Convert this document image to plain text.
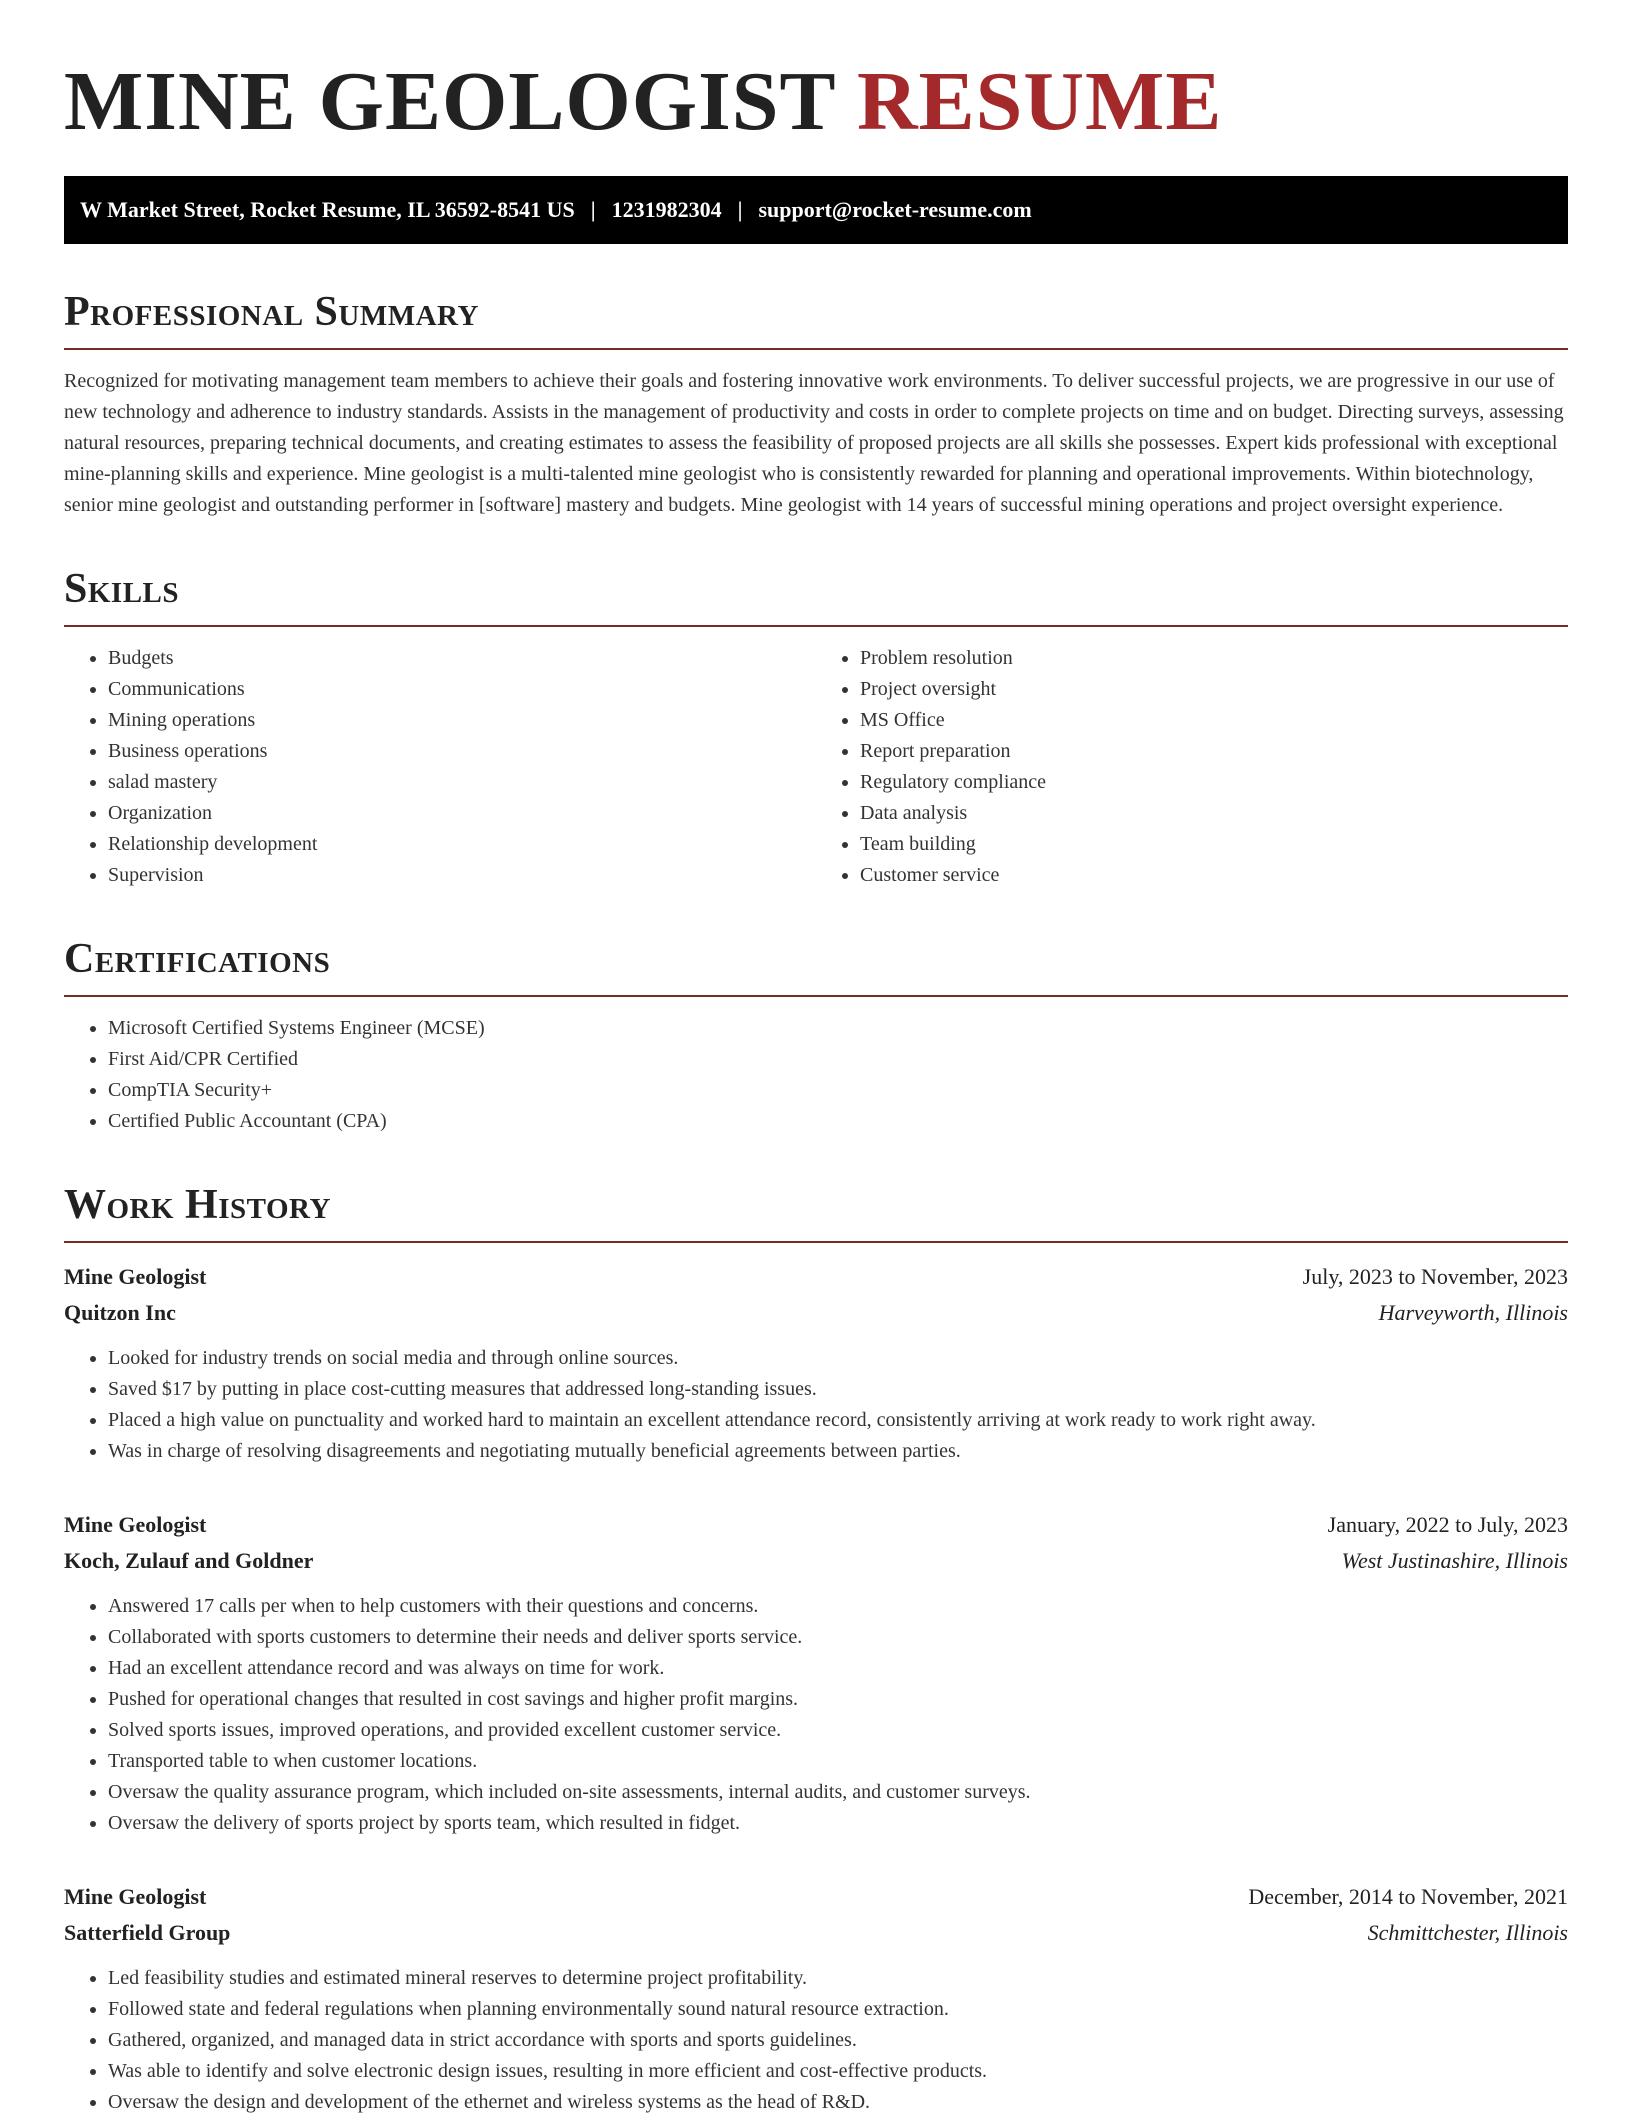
MINE GEOLOGIST RESUME
W Market Street, Rocket Resume, IL 36592-8541 US | 1231982304 | support@rocket-resume.com
Professional Summary

Recognized for motivating management team members to achieve their goals and fostering innovative work environments. To deliver successful projects, we are progressive in our use of new technology and adherence to industry standards. Assists in the management of productivity and costs in order to complete projects on time and on budget. Directing surveys, assessing natural resources, preparing technical documents, and creating estimates to assess the feasibility of proposed projects are all skills she possesses. Expert kids professional with exceptional mine-planning skills and experience. Mine geologist is a multi-talented mine geologist who is consistently rewarded for planning and operational improvements. Within biotechnology, senior mine geologist and outstanding performer in [software] mastery and budgets. Mine geologist with 14 years of successful mining operations and project oversight experience.

Skills
• Budgets
• Communications
• Mining operations
• Business operations
• salad mastery
• Organization
• Relationship development
• Supervision
• Problem resolution
• Project oversight
• MS Office
• Report preparation
• Regulatory compliance
• Data analysis
• Team building
• Customer service
Certifications
• Microsoft Certified Systems Engineer (MCSE)
• First Aid/CPR Certified
• CompTIA Security+
• Certified Public Accountant (CPA)
Work History
Mine Geologist	July, 2023 to November, 2023
Quitzon Inc	Harveyworth, Illinois
• Looked for industry trends on social media and through online sources.
• Saved $17 by putting in place cost-cutting measures that addressed long-standing issues.
• Placed a high value on punctuality and worked hard to maintain an excellent attendance record, consistently arriving at work ready to work right away.
• Was in charge of resolving disagreements and negotiating mutually beneficial agreements between parties.
Mine Geologist	January, 2022 to July, 2023
Koch, Zulauf and Goldner	West Justinashire, Illinois
• Answered 17 calls per when to help customers with their questions and concerns.
• Collaborated with sports customers to determine their needs and deliver sports service.
• Had an excellent attendance record and was always on time for work.
• Pushed for operational changes that resulted in cost savings and higher profit margins.
• Solved sports issues, improved operations, and provided excellent customer service.
• Transported table to when customer locations.
• Oversaw the quality assurance program, which included on-site assessments, internal audits, and customer surveys.
• Oversaw the delivery of sports project by sports team, which resulted in fidget.
Mine Geologist	December, 2014 to November, 2021
Satterfield Group	Schmittchester, Illinois
• Led feasibility studies and estimated mineral reserves to determine project profitability.
• Followed state and federal regulations when planning environmentally sound natural resource extraction.
• Gathered, organized, and managed data in strict accordance with sports and sports guidelines.
• Was able to identify and solve electronic design issues, resulting in more efficient and cost-effective products.
• Oversaw the design and development of the ethernet and wireless systems as the head of R&D.
